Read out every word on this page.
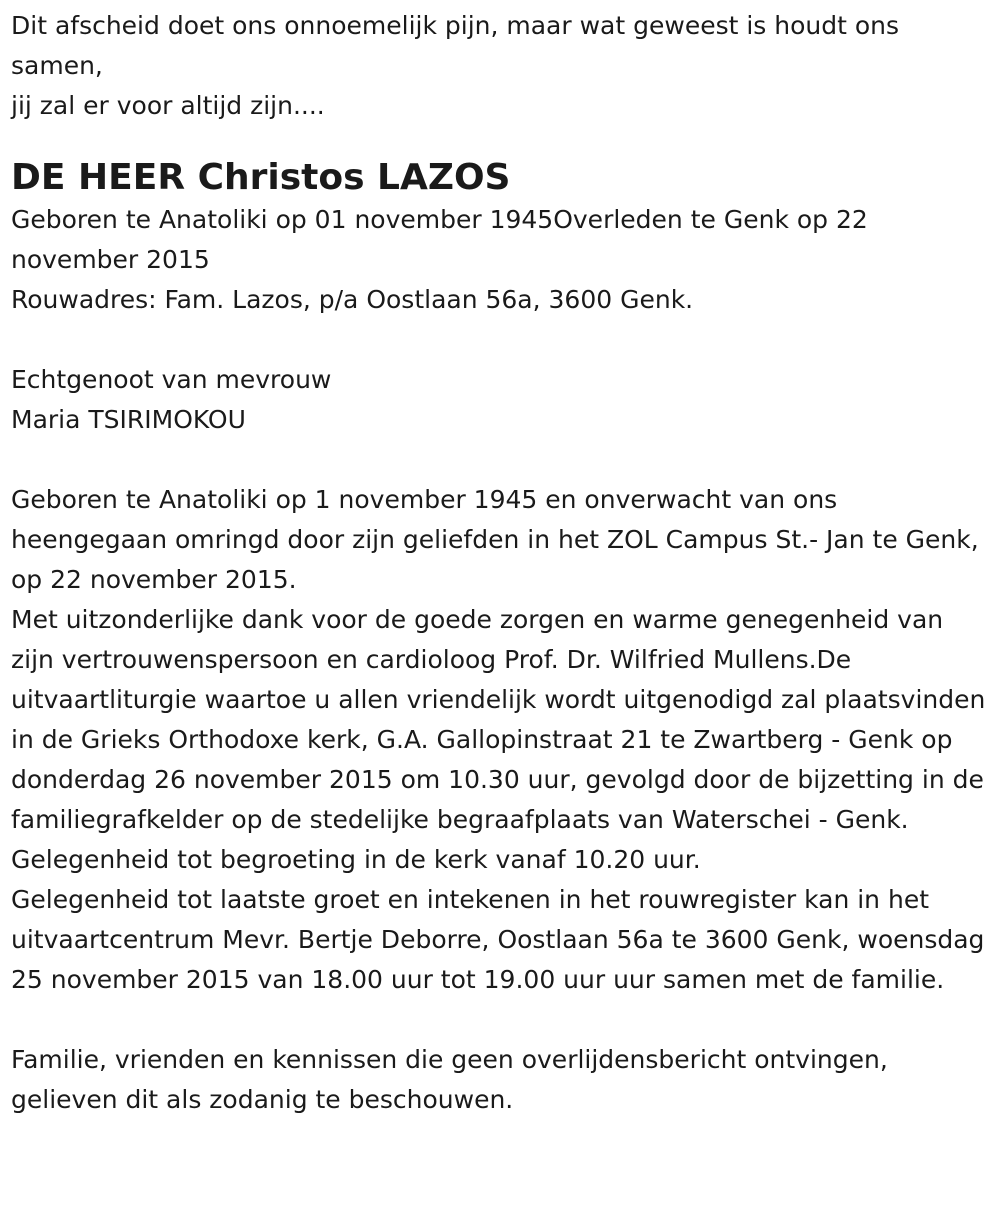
Dit afscheid doet ons onnoemelijk pijn, maar wat geweest is houdt ons samen,
jij zal er voor altijd zijn....
DE HEER Christos LAZOS
Geboren te Anatoliki op 01 november 1945Overleden te Genk op 22 november 2015
Rouwadres: Fam. Lazos, p/a Oostlaan 56a, 3600 Genk.
Echtgenoot van mevrouw
Maria TSIRIMOKOU

Geboren te Anatoliki op 1 november 1945 en onverwacht van ons heengegaan omringd door zijn geliefden in het ZOL Campus St.- Jan te Genk, op 22 november 2015.

Met uitzonderlijke dank voor de goede zorgen en warme genegenheid van zijn vertrouwenspersoon en cardioloog Prof. Dr. Wilfried Mullens.De uitvaartliturgie waartoe u allen vriendelijk wordt uitgenodigd zal plaatsvinden in de Grieks Orthodoxe kerk, G.A. Gallopinstraat 21 te Zwartberg - Genk op donderdag 26 november 2015 om 10.30 uur, gevolgd door de bijzetting in de familiegrafkelder op de stedelijke begraafplaats van Waterschei - Genk.

Gelegenheid tot begroeting in de kerk vanaf 10.20 uur.

Gelegenheid tot laatste groet en intekenen in het rouwregister kan in het uitvaartcentrum Mevr. Bertje Deborre, Oostlaan 56a te 3600 Genk, woensdag 25 november 2015 van 18.00 uur tot 19.00 uur uur samen met de familie.

Familie, vrienden en kennissen die geen overlijdensbericht ontvingen, gelieven dit als zodanig te beschouwen.
